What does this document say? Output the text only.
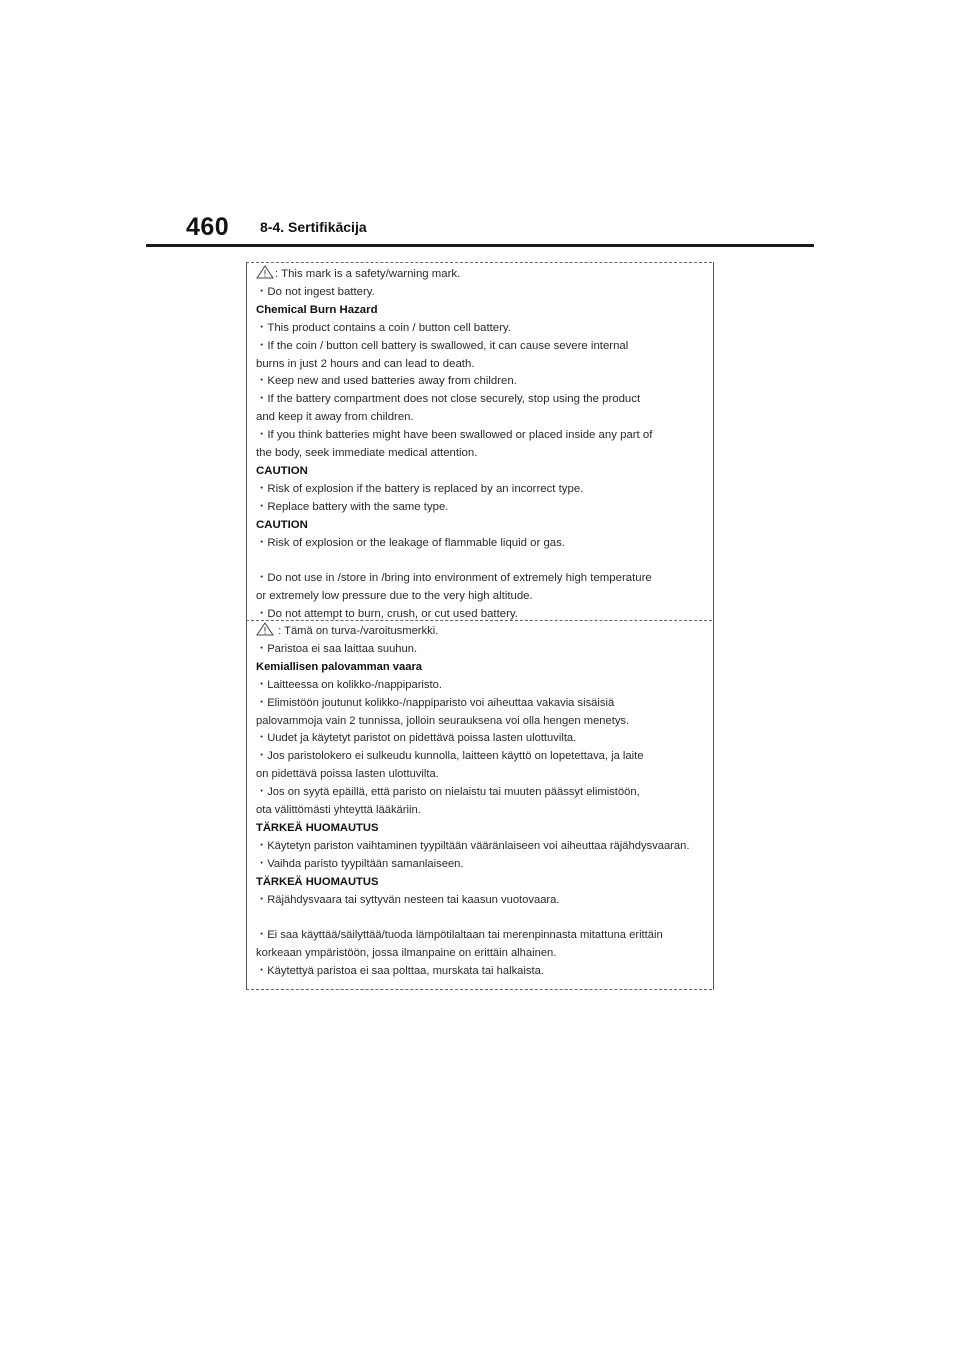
460 8-4. Sertifikācija

: This mark is a safety/warning mark.

・Do not ingest battery.

Chemical Burn Hazard

・This product contains a coin / button cell battery.

・If the coin / button cell battery is swallowed, it can cause severe internal

burns in just 2 hours and can lead to death.

・Keep new and used batteries away from children.

・If the battery compartment does not close securely, stop using the product

and keep it away from children.

・If you think batteries might have been swallowed or placed inside any part of

the body, seek immediate medical attention.

CAUTION

・Risk of explosion if the battery is replaced by an incorrect type.

・Replace battery with the same type.

CAUTION

・Risk of explosion or the leakage of flammable liquid or gas.

・Do not use in /store in /bring into environment of extremely high temperature

or extremely low pressure due to the very high altitude.

・Do not attempt to burn, crush, or cut used battery.

: Tämä on turva-/varoitusmerkki.

・Paristoa ei saa laittaa suuhun.

Kemiallisen palovamman vaara

・Laitteessa on kolikko-/nappiparisto.

・Elimistöön joutunut kolikko-/nappiparisto voi aiheuttaa vakavia sisäisiä

palovammoja vain 2 tunnissa, jolloin seurauksena voi olla hengen menetys.

・Uudet ja käytetyt paristot on pidettävä poissa lasten ulottuvilta.

・Jos paristolokero ei sulkeudu kunnolla, laitteen käyttö on lopetettava, ja laite

on pidettävä poissa lasten ulottuvilta.

・Jos on syytä epäillä, että paristo on nielaistu tai muuten päässyt elimistöön,

ota välittömästi yhteyttä lääkäriin.

TÄRKEÄ HUOMAUTUS

・Käytetyn pariston vaihtaminen tyypiltään vääränlaiseen voi aiheuttaa räjähdysvaaran.

・Vaihda paristo tyypiltään samanlaiseen.

TÄRKEÄ HUOMAUTUS

・Räjähdysvaara tai syttyvän nesteen tai kaasun vuotovaara.

・Ei saa käyttää/säilyttää/tuoda lämpötilaltaan tai merenpinnasta mitattuna erittäin

korkeaan ympäristöön, jossa ilmanpaine on erittäin alhainen.

・Käytettyä paristoa ei saa polttaa, murskata tai halkaista.
